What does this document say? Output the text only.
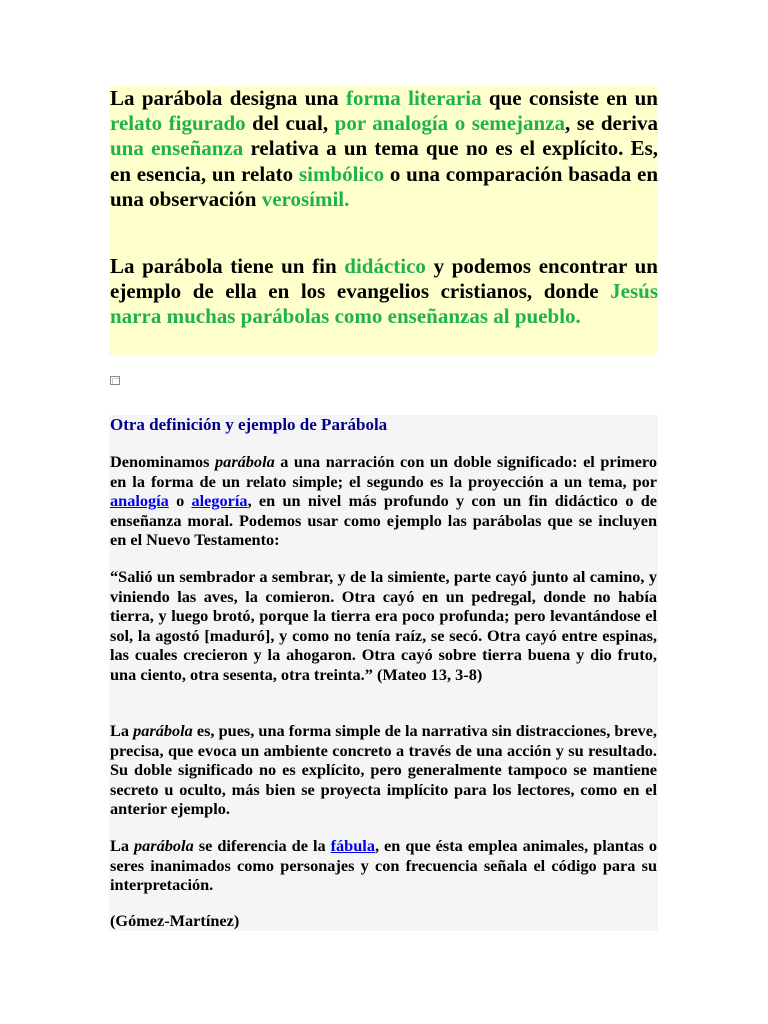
La parábola designa una forma literaria que consiste en un relato figurado del cual, por analogía o semejanza, se deriva una enseñanza relativa a un tema que no es el explícito. Es, en esencia, un relato simbólico o una comparación basada en una observación verosímil.

La parábola tiene un fin didáctico y podemos encontrar un ejemplo de ella en los evangelios cristianos, donde Jesús narra muchas parábolas como enseñanzas al pueblo.

Otra definición y ejemplo de Parábola

Denominamos parábola a una narración con un doble significado: el primero en la forma de un relato simple; el segundo es la proyección a un tema, por analogía o alegoría, en un nivel más profundo y con un fin didáctico o de enseñanza moral. Podemos usar como ejemplo las parábolas que se incluyen en el Nuevo Testamento:

“Salió un sembrador a sembrar, y de la simiente, parte cayó junto al camino, y viniendo las aves, la comieron. Otra cayó en un pedregal, donde no había tierra, y luego brotó, porque la tierra era poco profunda; pero levantándose el sol, la agostó [maduró], y como no tenía raíz, se secó. Otra cayó entre espinas, las cuales crecieron y la ahogaron. Otra cayó sobre tierra buena y dio fruto, una ciento, otra sesenta, otra treinta.” (Mateo 13, 3-8)

La parábola es, pues, una forma simple de la narrativa sin distracciones, breve, precisa, que evoca un ambiente concreto a través de una acción y su resultado. Su doble significado no es explícito, pero generalmente tampoco se mantiene secreto u oculto, más bien se proyecta implícito para los lectores, como en el anterior ejemplo.

La parábola se diferencia de la fábula, en que ésta emplea animales, plantas o seres inanimados como personajes y con frecuencia señala el código para su interpretación.

(Gómez-Martínez)
